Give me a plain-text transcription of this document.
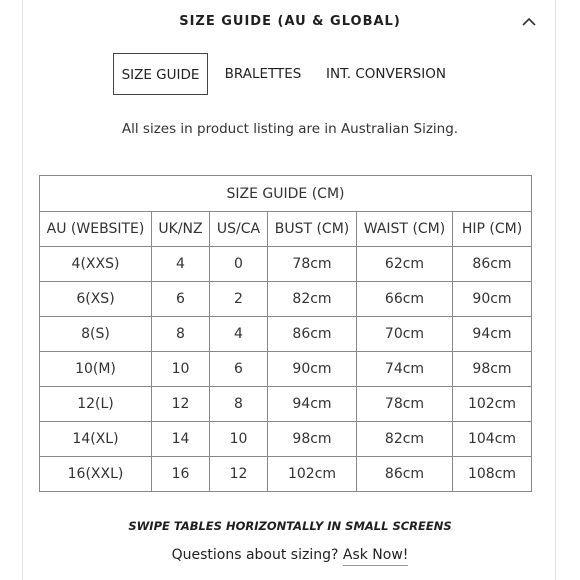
SIZE GUIDE (AU & GLOBAL)
SIZE GUIDE	BRALETTES	INT. CONVERSION
All sizes in product listing are in Australian Sizing.
SIZE GUIDE (CM)					
AU (WEBSITE)	UK/NZ	US/CA	BUST (CM)	WAIST (CM)	HIP (CM)
4(XXS)	4	0	78cm	62cm	86cm
6(XS)	6	2	82cm	66cm	90cm
8(S)	8	4	86cm	70cm	94cm
10(M)	10	6	90cm	74cm	98cm
12(L)	12	8	94cm	78cm	102cm
14(XL)	14	10	98cm	82cm	104cm
16(XXL)	16	12	102cm	86cm	108cm
SWIPE TABLES HORIZONTALLY IN SMALL SCREENS
Questions about sizing? Ask Now!
